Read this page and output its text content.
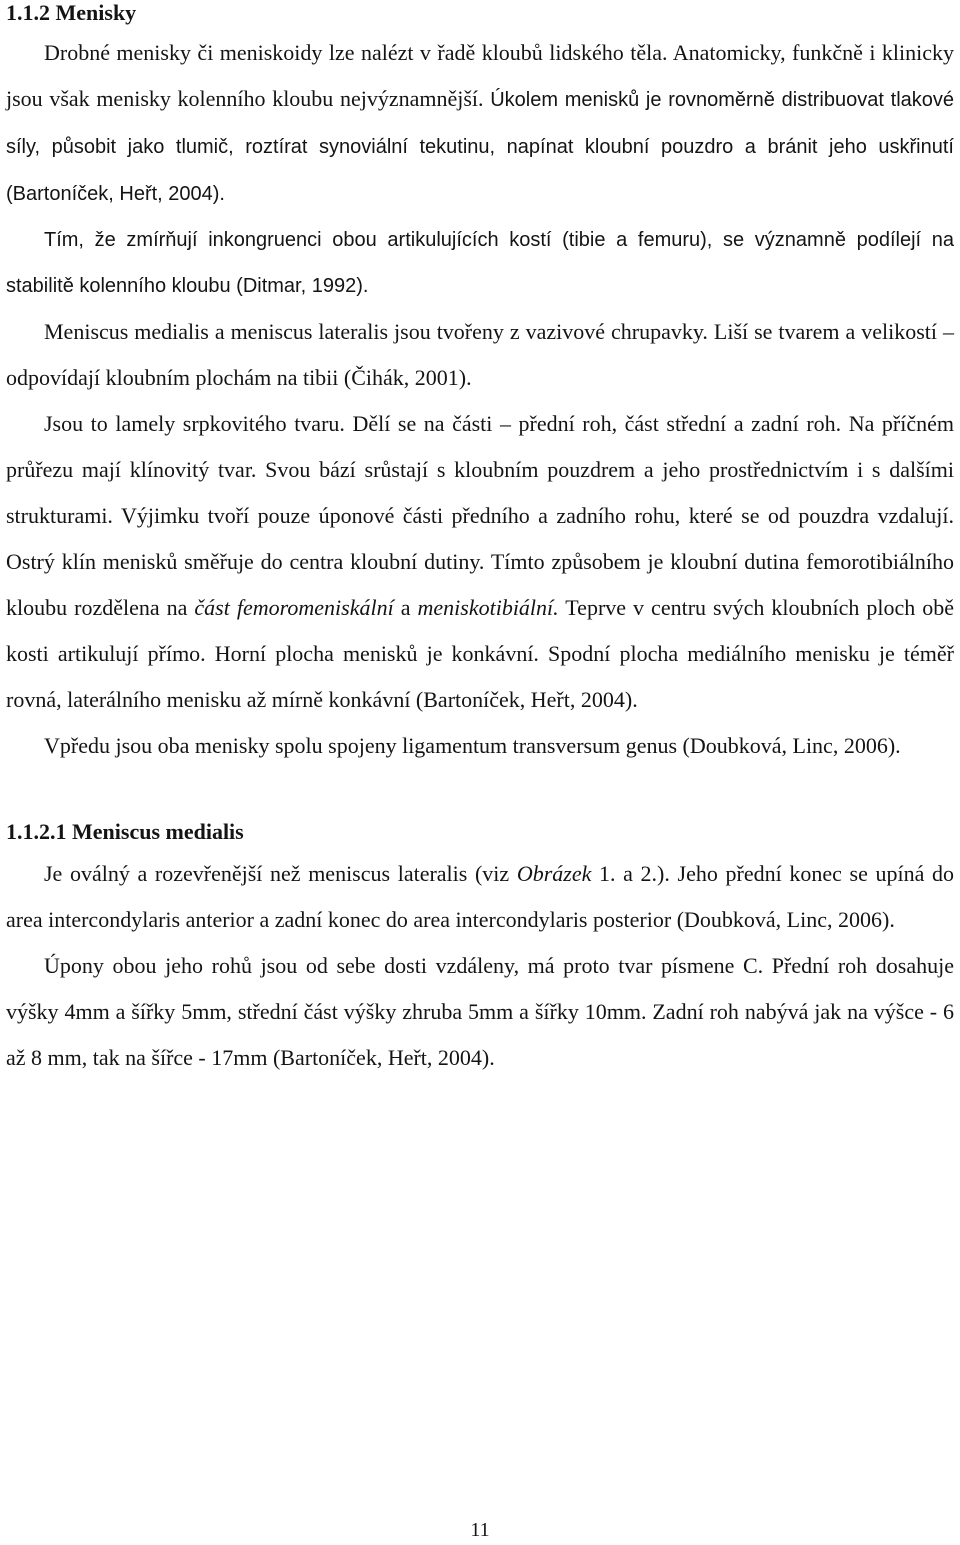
1.1.2 Menisky

Drobné menisky či meniskoidy lze nalézt v řadě kloubů lidského těla. Anatomicky, funkčně i klinicky jsou však menisky kolenního kloubu nejvýznamnější. Úkolem menisků je rovnoměrně distribuovat tlakové síly, působit jako tlumič, roztírat synoviální tekutinu, napínat kloubní pouzdro a bránit jeho uskřinutí (Bartoníček, Heřt, 2004).

Tím, že zmírňují inkongruenci obou artikulujících kostí (tibie a femuru), se významně podílejí na stabilitě kolenního kloubu (Ditmar, 1992).

Meniscus medialis a meniscus lateralis jsou tvořeny z vazivové chrupavky. Liší se tvarem a velikostí – odpovídají kloubním plochám na tibii (Čihák, 2001).

Jsou to lamely srpkovitého tvaru. Dělí se na části – přední roh, část střední a zadní roh. Na příčném průřezu mají klínovitý tvar. Svou bází srůstají s kloubním pouzdrem a jeho prostřednictvím i s dalšími strukturami. Výjimku tvoří pouze úponové části předního a zadního rohu, které se od pouzdra vzdalují. Ostrý klín menisků směřuje do centra kloubní dutiny. Tímto způsobem je kloubní dutina femorotibiálního kloubu rozdělena na část femoromeniskální a meniskotibiální. Teprve v centru svých kloubních ploch obě kosti artikulují přímo. Horní plocha menisků je konkávní. Spodní plocha mediálního menisku je téměř rovná, laterálního menisku až mírně konkávní (Bartoníček, Heřt, 2004).

Vpředu jsou oba menisky spolu spojeny ligamentum transversum genus (Doubková, Linc, 2006).

1.1.2.1 Meniscus medialis

Je oválný a rozevřenější než meniscus lateralis (viz Obrázek 1. a 2.). Jeho přední konec se upíná do area intercondylaris anterior a zadní konec do area intercondylaris posterior (Doubková, Linc, 2006).

Úpony obou jeho rohů jsou od sebe dosti vzdáleny, má proto tvar písmene C. Přední roh dosahuje výšky 4mm a šířky 5mm, střední část výšky zhruba 5mm a šířky 10mm. Zadní roh nabývá jak na výšce - 6 až 8 mm, tak na šířce - 17mm (Bartoníček, Heřt, 2004).

11
